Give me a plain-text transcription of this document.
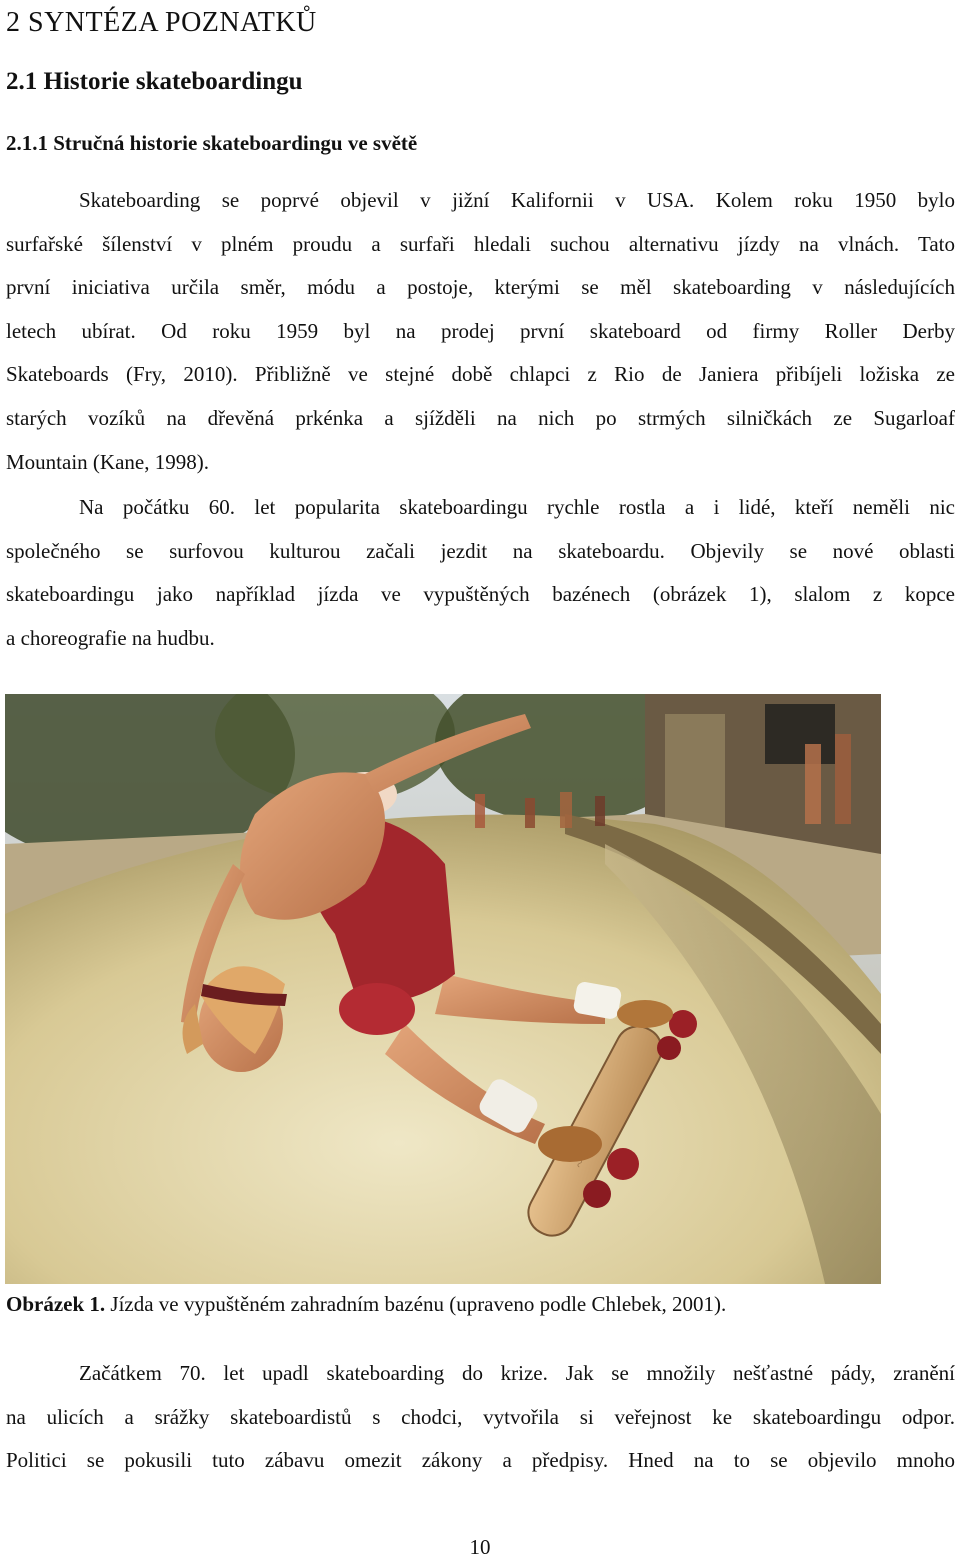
2 SYNTÉZA POZNATKŮ
2.1 Historie skateboardingu
2.1.1 Stručná historie skateboardingu ve světě
Skateboarding se poprvé objevil v jižní Kalifornii v USA. Kolem roku 1950 bylo
surfařské šílenství v plném proudu a surfaři hledali suchou alternativu jízdy na vlnách. Tato
první iniciativa určila směr, módu a postoje, kterými se měl skateboarding v následujících
letech ubírat. Od roku 1959 byl na prodej první skateboard od firmy Roller Derby
Skateboards (Fry, 2010). Přibližně ve stejné době chlapci z Rio de Janiera přibíjeli ložiska ze
starých vozíků na dřevěná prkénka a sjížděli na nich po strmých silničkách ze Sugarloaf
Mountain (Kane, 1998).
Na počátku 60. let popularita skateboardingu rychle rostla a i lidé, kteří neměli nic
společného se surfovou kulturou začali jezdit na skateboardu. Objevily se nové oblasti
skateboardingu jako například jízda ve vypuštěných bazénech (obrázek 1), slalom z kopce
a choreografie na hudbu.

Obrázek 1. Jízda ve vypuštěném zahradním bazénu (upraveno podle Chlebek, 2001).

Začátkem 70. let upadl skateboarding do krize. Jak se množily nešťastné pády, zranění
na ulicích a srážky skateboardistů s chodci, vytvořila si veřejnost ke skateboardingu odpor.
Politici se pokusili tuto zábavu omezit zákony a předpisy. Hned na to se objevilo mnoho
10
